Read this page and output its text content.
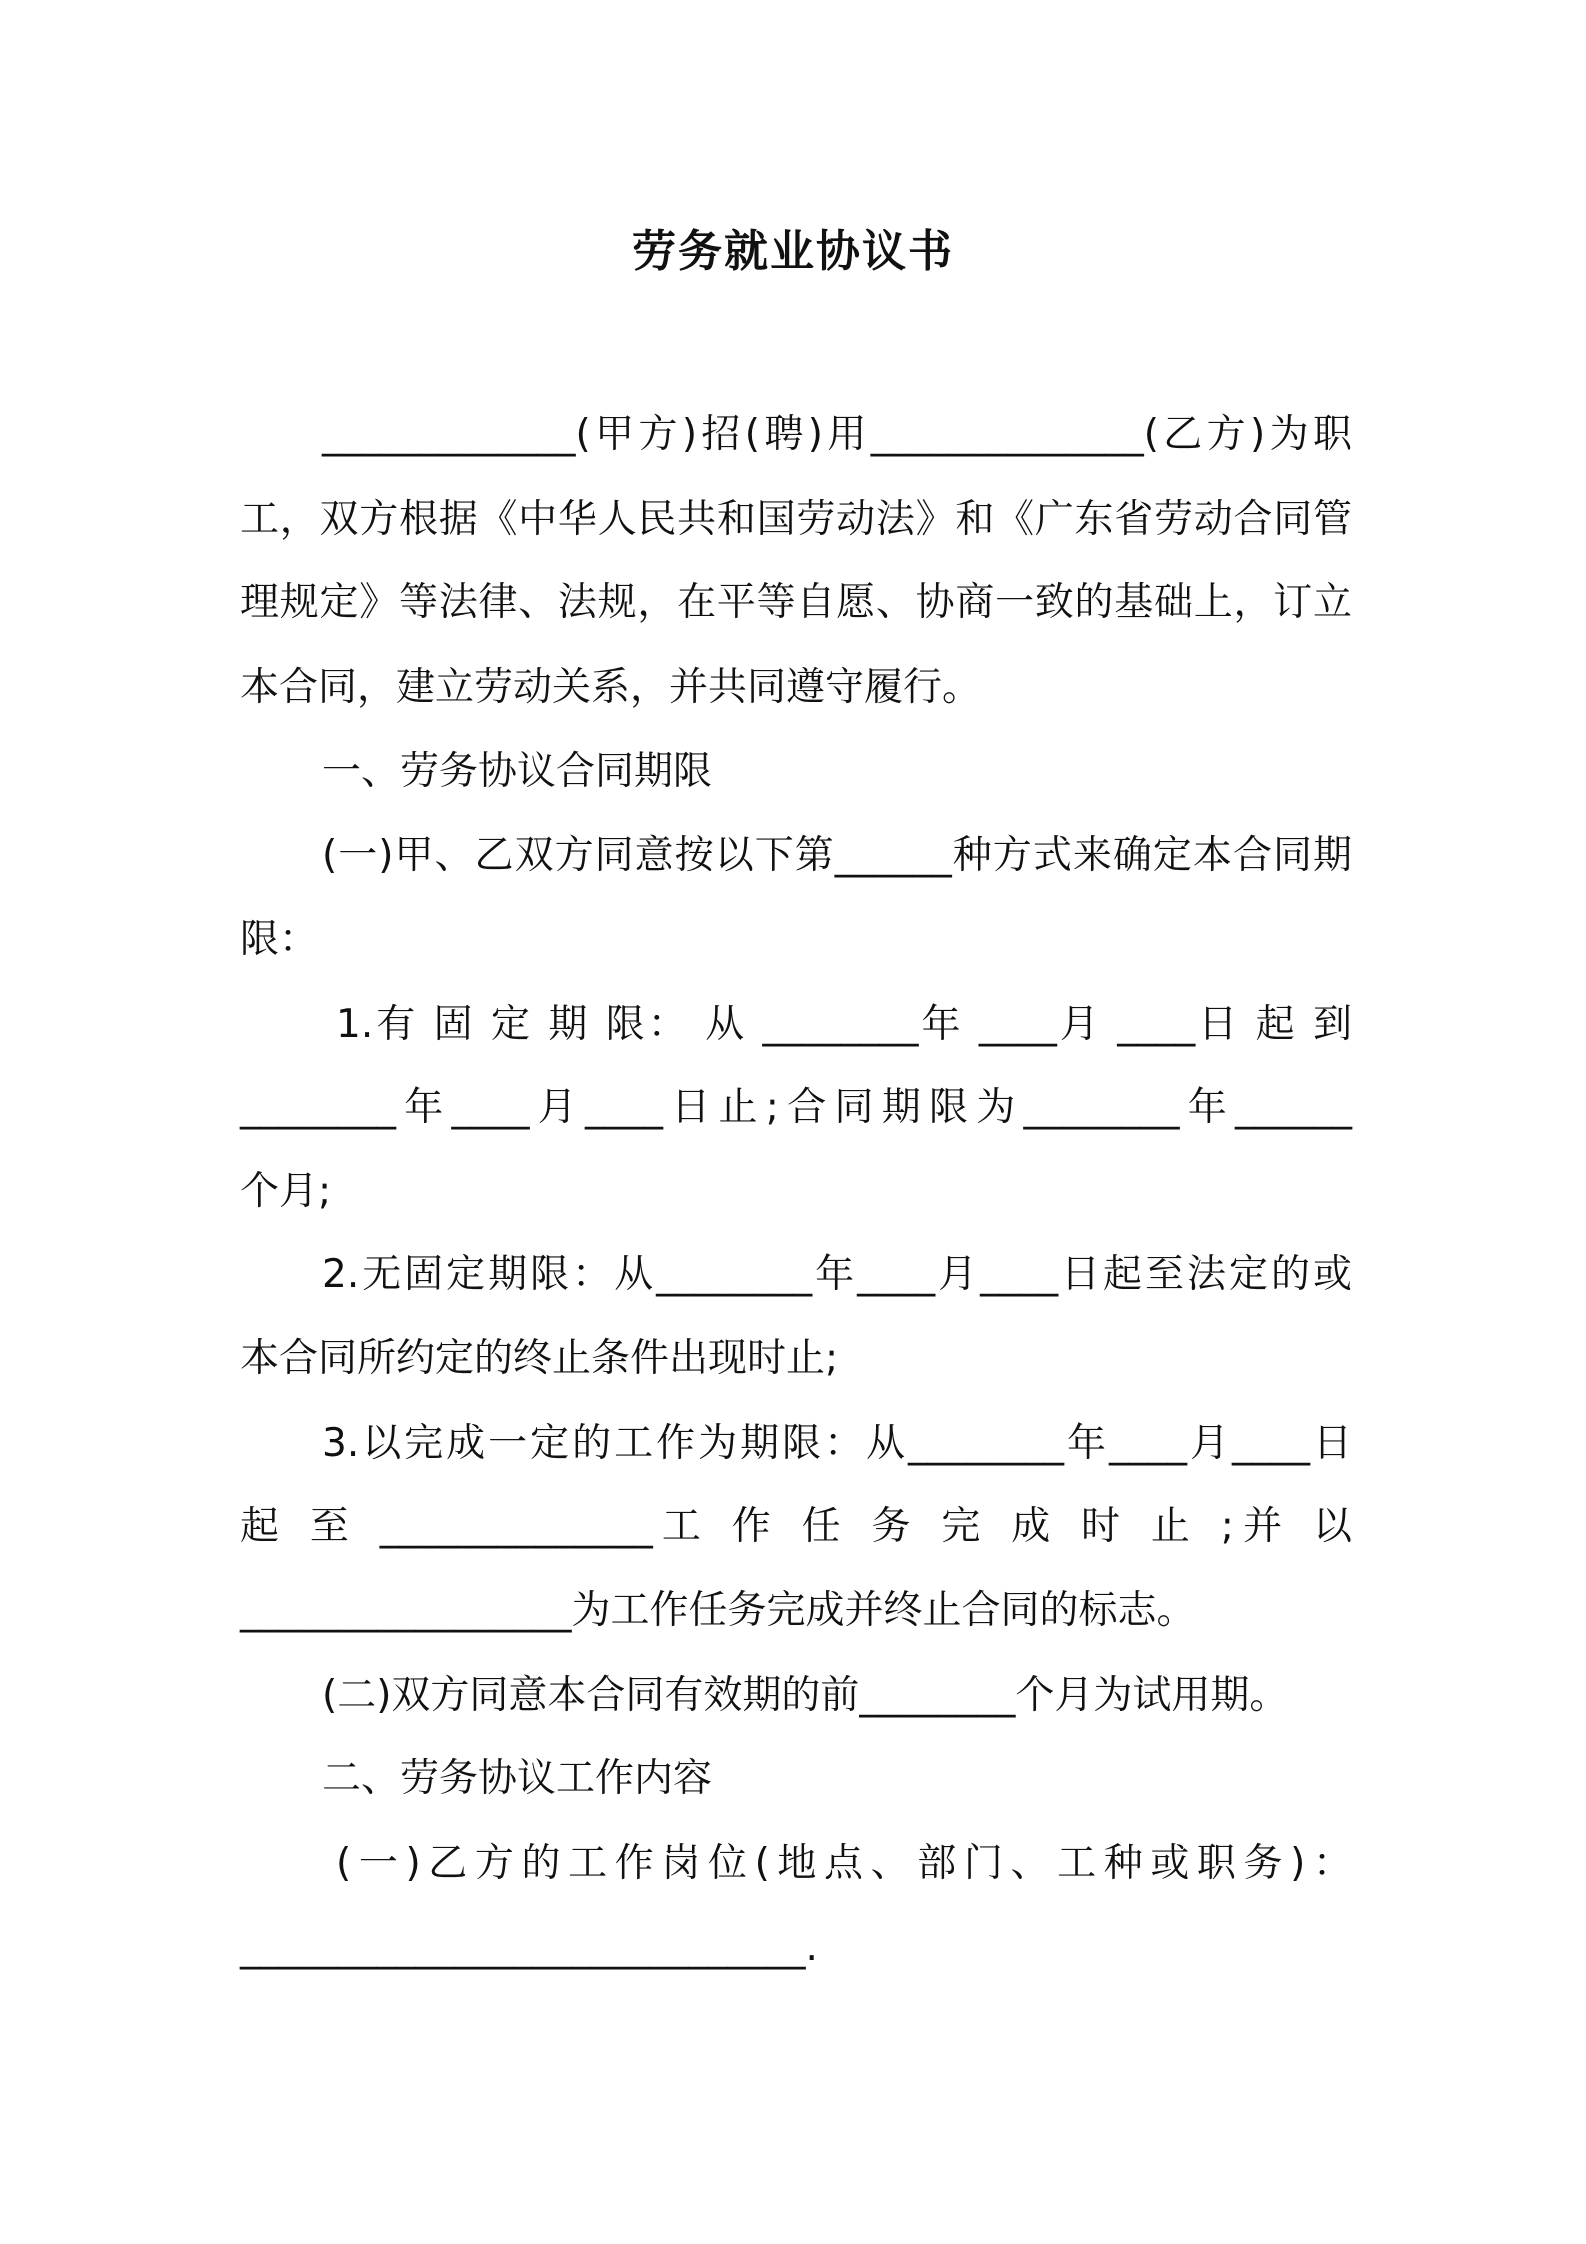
劳务就业协议书
_____________(甲方)招(聘)用______________(乙方)为职
工，双方根据《中华人民共和国劳动法》和《广东省劳动合同管
理规定》等法律、法规，在平等自愿、协商一致的基础上，订立
本合同，建立劳动关系，并共同遵守履行。
一、劳务协议合同期限
(一)甲、乙双方同意按以下第______种方式来确定本合同期
限：
1.有 固 定 期 限： 从 ________年 ____月 ____日 起 到
________年____月____日止;合同期限为________年______
个月;
2.无固定期限：从________年____月____日起至法定的或
本合同所约定的终止条件出现时止;
3.以完成一定的工作为期限：从________年____月____日
起 至 ______________工 作 任 务 完 成 时 止 ;并 以
_________________为工作任务完成并终止合同的标志。
(二)双方同意本合同有效期的前________个月为试用期。
二、劳务协议工作内容
(一)乙方的工作岗位(地点、部门、工种或职务)：
_____________________________.
